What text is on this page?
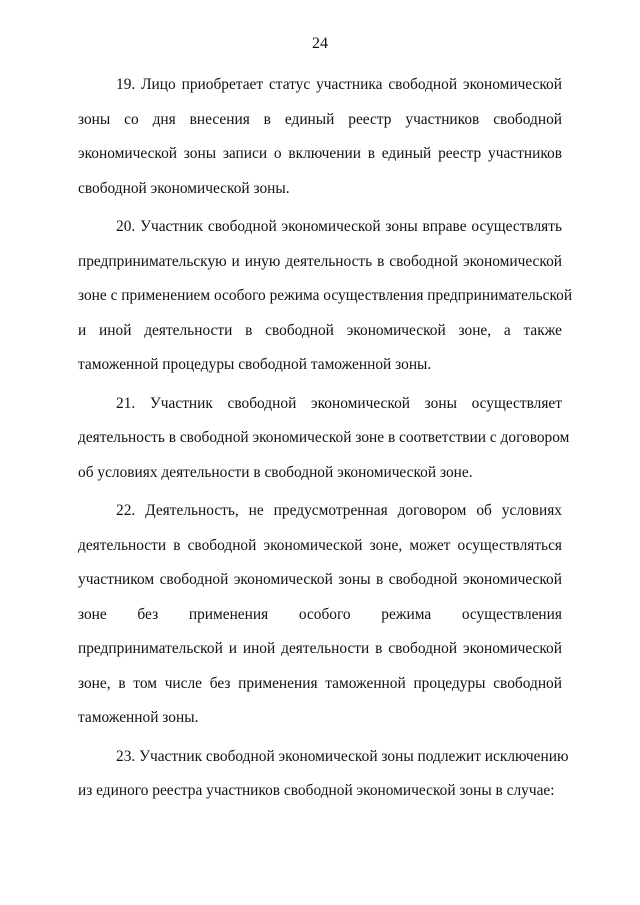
24
19. Лицо приобретает статус участника свободной экономической
зоны со дня внесения в единый реестр участников свободной
экономической зоны записи о включении в единый реестр участников
свободной экономической зоны.
20. Участник свободной экономической зоны вправе осуществлять
предпринимательскую и иную деятельность в свободной экономической
зоне с применением особого режима осуществления предпринимательской
и иной деятельности в свободной экономической зоне, а также
таможенной процедуры свободной таможенной зоны.
21. Участник свободной экономической зоны осуществляет
деятельность в свободной экономической зоне в соответствии с договором
об условиях деятельности в свободной экономической зоне.
22. Деятельность, не предусмотренная договором об условиях
деятельности в свободной экономической зоне, может осуществляться
участником свободной экономической зоны в свободной экономической
зоне без применения особого режима осуществления
предпринимательской и иной деятельности в свободной экономической
зоне, в том числе без применения таможенной процедуры свободной
таможенной зоны.
23. Участник свободной экономической зоны подлежит исключению
из единого реестра участников свободной экономической зоны в случае:
